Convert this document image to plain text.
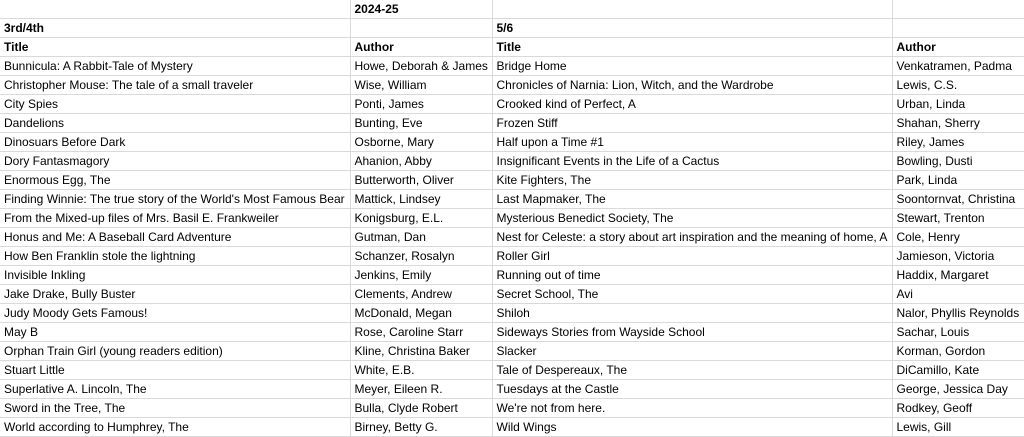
	2024-25		
3rd/4th		5/6	
Title	Author	Title	Author
Bunnicula: A Rabbit-Tale of Mystery	Howe, Deborah & James	Bridge Home	Venkatramen, Padma
Christopher Mouse: The tale of a small traveler	Wise, William	Chronicles of Narnia: Lion, Witch, and the Wardrobe	Lewis, C.S.
City Spies	Ponti, James	Crooked kind of Perfect, A	Urban, Linda
Dandelions	Bunting, Eve	Frozen Stiff	Shahan, Sherry
Dinosuars Before Dark	Osborne, Mary	Half upon a Time #1	Riley, James
Dory Fantasmagory	Ahanion, Abby	Insignificant Events in the Life of a Cactus	Bowling, Dusti
Enormous Egg, The	Butterworth, Oliver	Kite Fighters, The	Park, Linda
Finding Winnie: The true story of the World's Most Famous Bear	Mattick, Lindsey	Last Mapmaker, The	Soontornvat, Christina
From the Mixed-up files of Mrs. Basil E. Frankweiler	Konigsburg, E.L.	Mysterious Benedict Society, The	Stewart, Trenton
Honus and Me: A Baseball Card Adventure	Gutman, Dan	Nest for Celeste: a story about art inspiration and the meaning of home, A	Cole, Henry
How Ben Franklin stole the lightning	Schanzer, Rosalyn	Roller Girl	Jamieson, Victoria
Invisible Inkling	Jenkins, Emily	Running out of time	Haddix, Margaret
Jake Drake, Bully Buster	Clements, Andrew	Secret School, The	Avi
Judy Moody Gets Famous!	McDonald, Megan	Shiloh	Nalor, Phyllis Reynolds
May B	Rose, Caroline Starr	Sideways Stories from Wayside School	Sachar, Louis
Orphan Train Girl (young readers edition)	Kline, Christina Baker	Slacker	Korman, Gordon
Stuart Little	White, E.B.	Tale of Despereaux, The	DiCamillo, Kate
Superlative A. Lincoln, The	Meyer, Eileen R.	Tuesdays at the Castle	George, Jessica Day
Sword in the Tree, The	Bulla, Clyde Robert	We're not from here.	Rodkey, Geoff
World according to Humphrey, The	Birney, Betty G.	Wild Wings	Lewis, Gill
